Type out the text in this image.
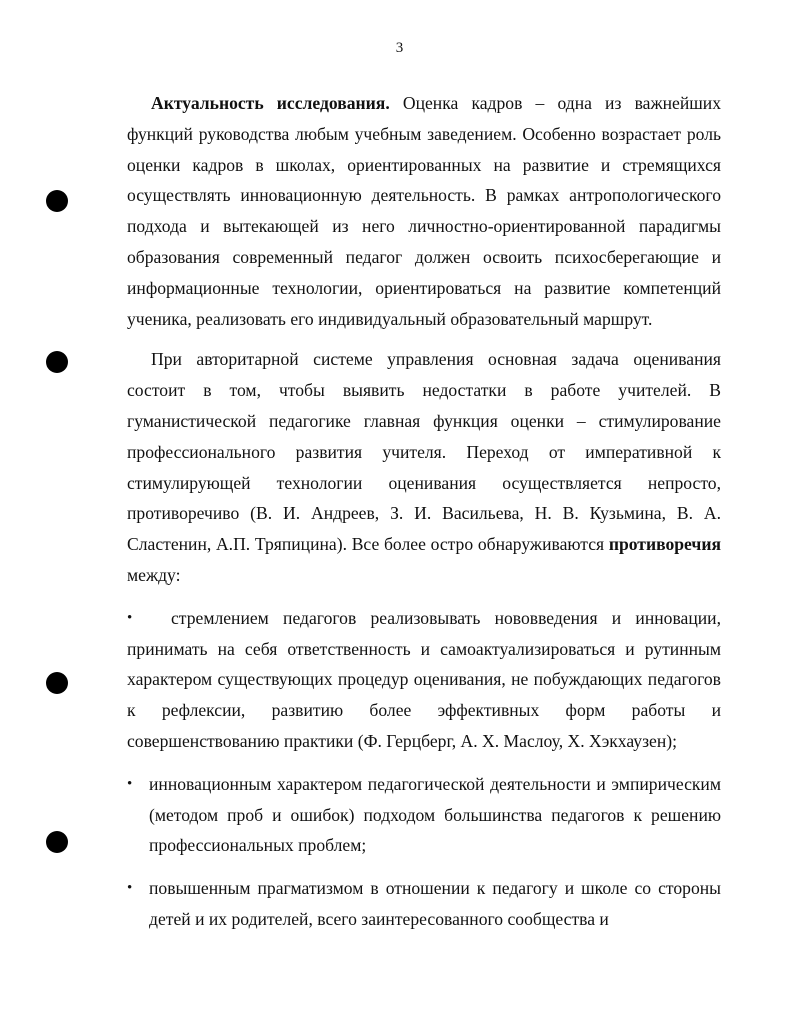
3

Актуальность исследования. Оценка кадров – одна из важнейших функций руководства любым учебным заведением. Особенно возрастает роль оценки кадров в школах, ориентированных на развитие и стремящихся осуществлять инновационную деятельность. В рамках антропологического подхода и вытекающей из него личностно-ориентированной парадигмы образования современный педагог должен освоить психосберегающие и информационные технологии, ориентироваться на развитие компетенций ученика, реализовать его индивидуальный образовательный маршрут.

При авторитарной системе управления основная задача оценивания состоит в том, чтобы выявить недостатки в работе учителей. В гуманистической педагогике главная функция оценки – стимулирование профессионального развития учителя. Переход от императивной к стимулирующей технологии оценивания осуществляется непросто, противоречиво (В. И. Андреев, З. И. Васильева, Н. В. Кузьмина, В. А. Сластенин, А.П. Тряпицина). Все более остро обнаруживаются противоречия между:

• стремлением педагогов реализовывать нововведения и инновации, принимать на себя ответственность и самоактуализироваться и рутинным характером существующих процедур оценивания, не побуждающих педагогов к рефлексии, развитию более эффективных форм работы и совершенствованию практики (Ф. Герцберг, А. Х. Маслоу, Х. Хэкхаузен);
• инновационным характером педагогической деятельности и эмпирическим (методом проб и ошибок) подходом большинства педагогов к решению профессиональных проблем;
• повышенным прагматизмом в отношении к педагогу и школе со стороны детей и их родителей, всего заинтересованного сообщества и
